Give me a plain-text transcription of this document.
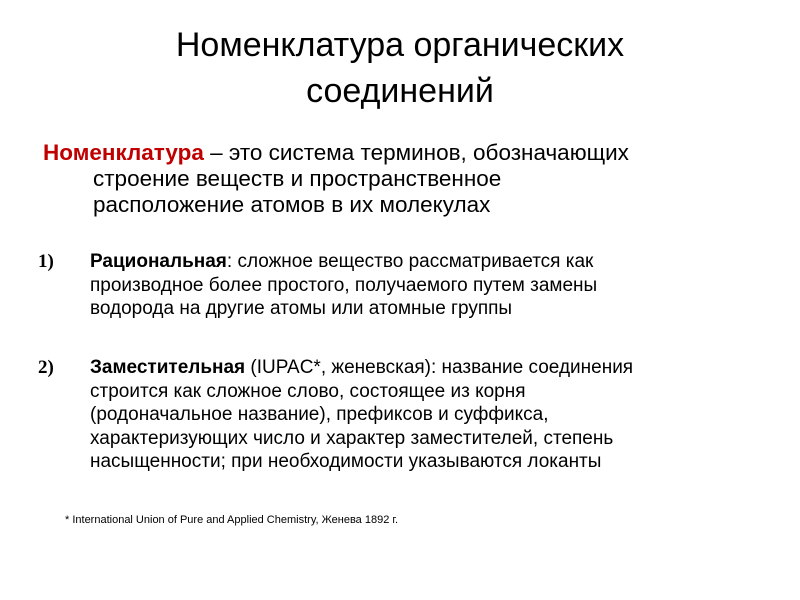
Номенклатура органических
соединений
Номенклатура – это система терминов, обозначающих
строение веществ и пространственное
расположение атомов в их молекулах
1) Рациональная: сложное вещество рассматривается как
производное более простого, получаемого путем замены
водорода на другие атомы или атомные группы
2) Заместительная (IUPAC*, женевская): название соединения
строится как сложное слово, состоящее из корня
(родоначальное название), префиксов и суффикса,
характеризующих число и характер заместителей, степень
насыщенности; при необходимости указываются локанты
* International Union of Pure and Applied Chemistry, Женева 1892 г.
